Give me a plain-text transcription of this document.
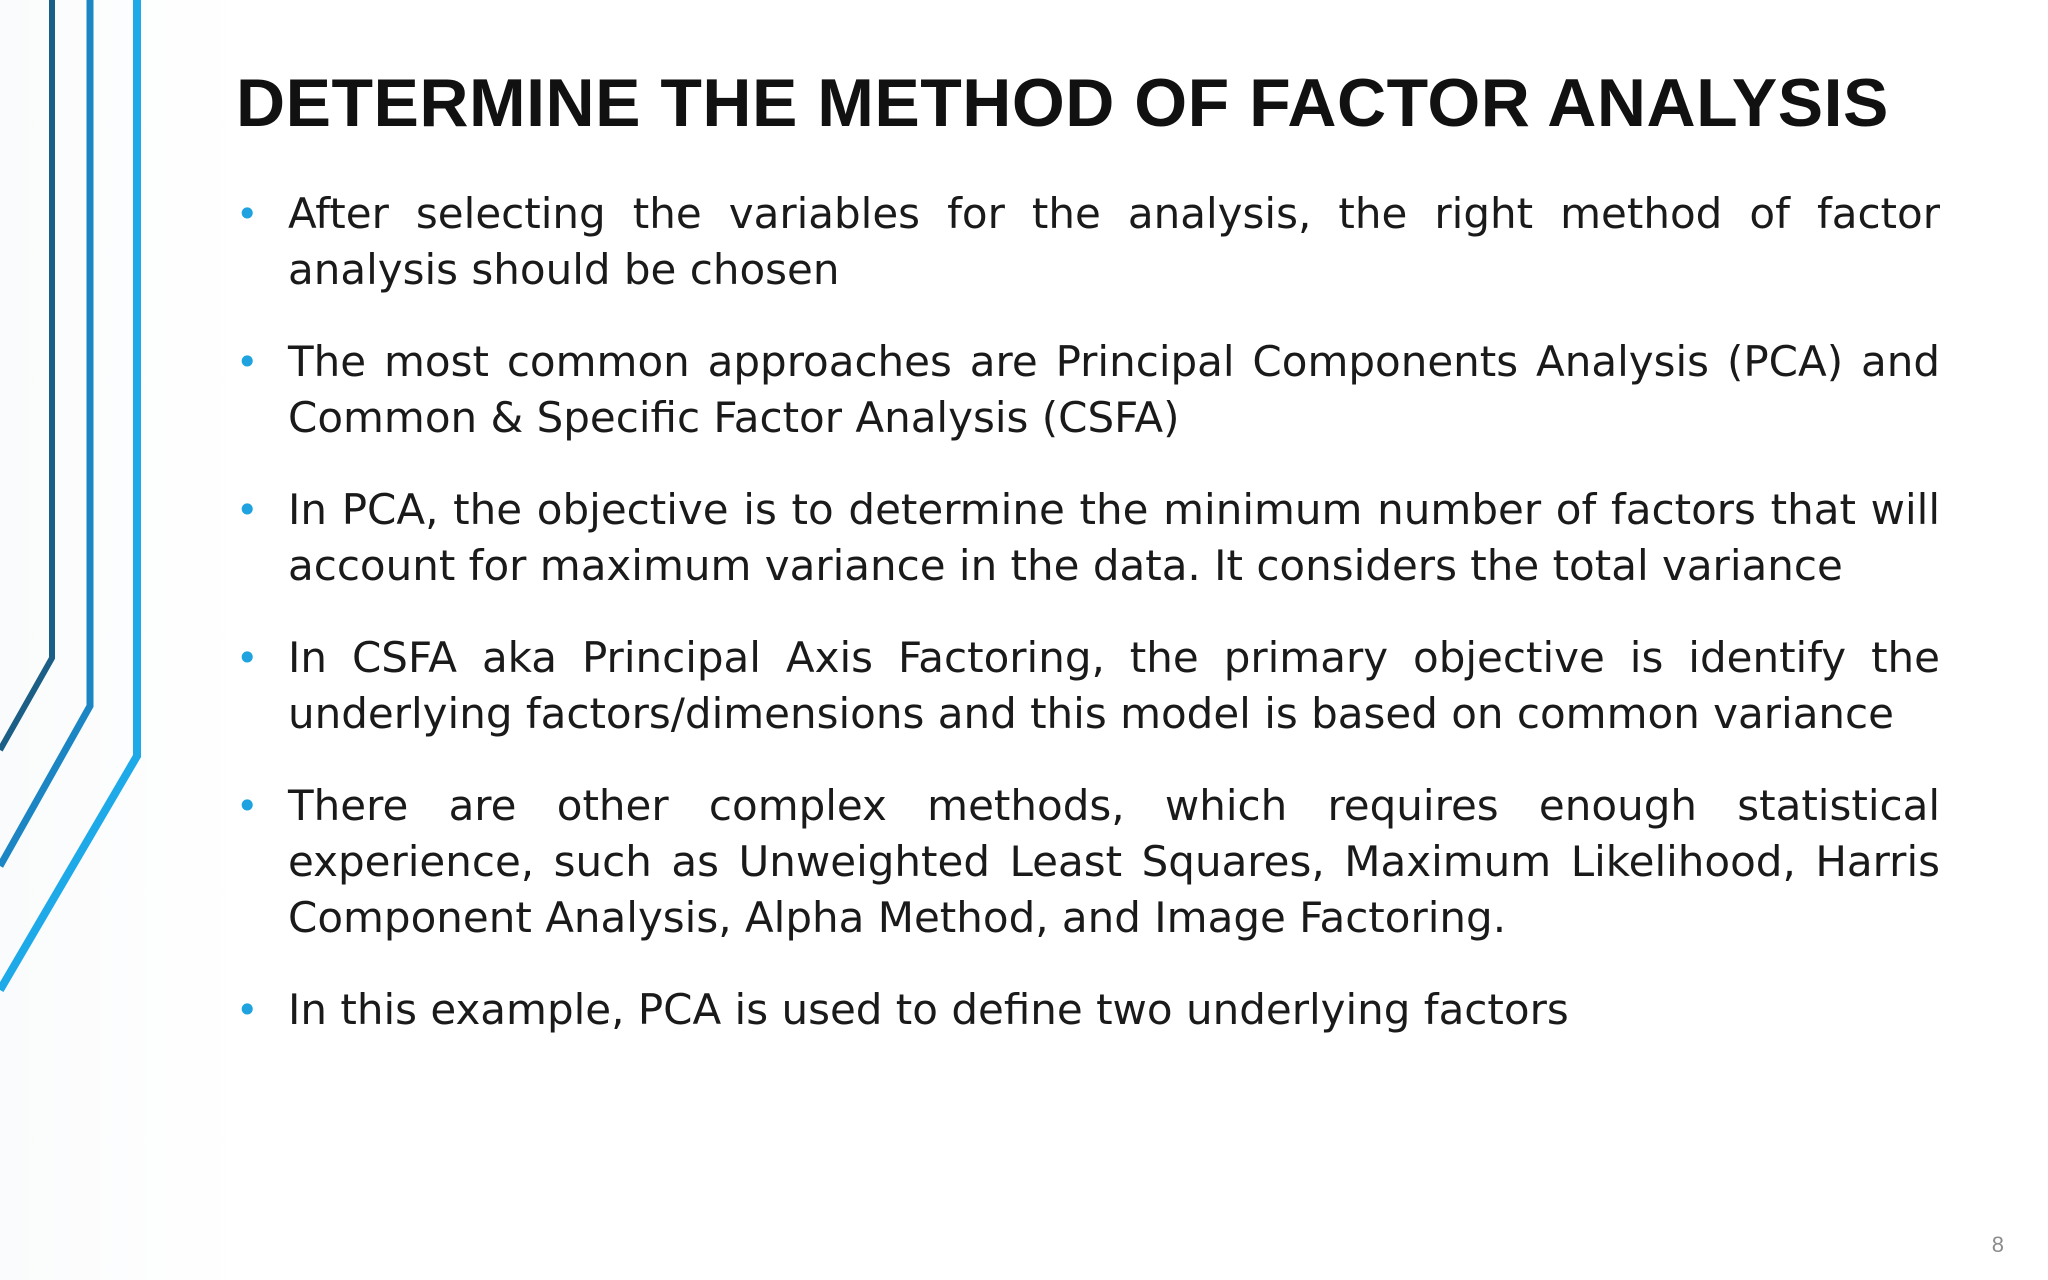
DETERMINE THE METHOD OF FACTOR ANALYSIS
• After selecting the variables for the analysis, the right method of factor analysis should be chosen
• The most common approaches are Principal Components Analysis (PCA) and Common & Specific Factor Analysis (CSFA)
• In PCA, the objective is to determine the minimum number of factors that will account for maximum variance in the data. It considers the total variance
• In CSFA aka Principal Axis Factoring, the primary objective is identify the underlying factors/dimensions and this model is based on common variance
• There are other complex methods, which requires enough statistical experience, such as Unweighted Least Squares, Maximum Likelihood, Harris Component Analysis, Alpha Method, and Image Factoring.
• In this example, PCA is used to define two underlying factors
8
